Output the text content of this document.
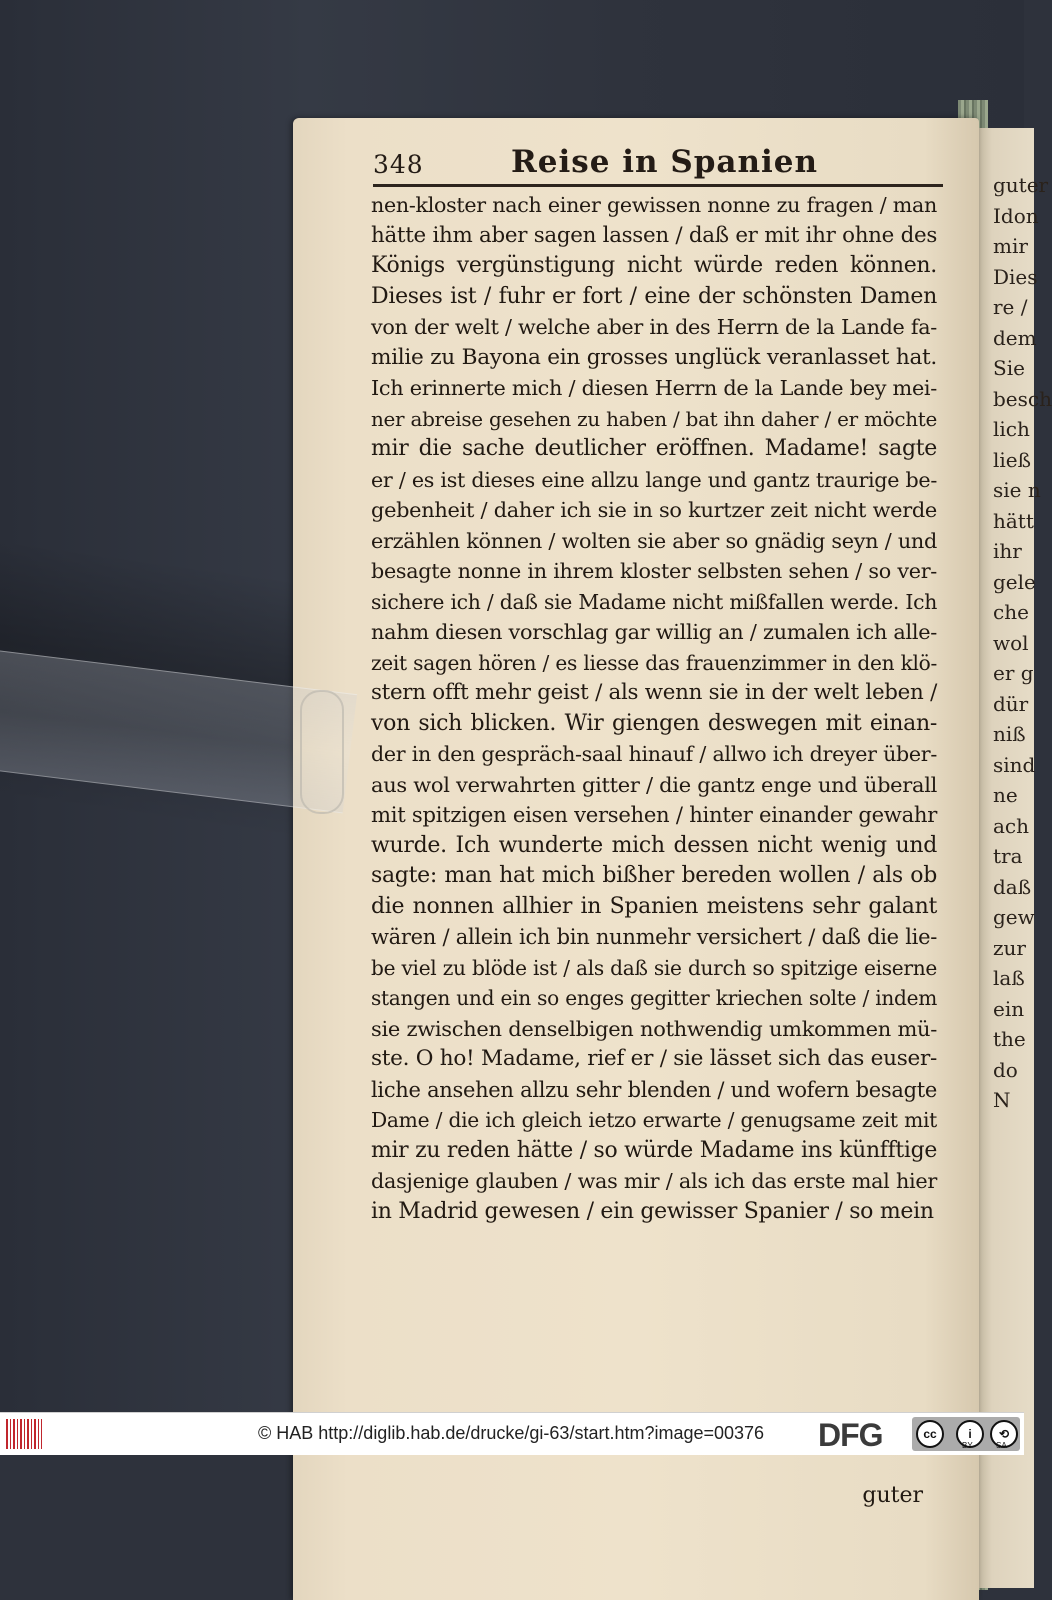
guter
Idon
mir
Dies
re /
dem
Sie
besch
lich
ließ
sie n
hätt
ihr
gele
che
wol
er g
dür
niß
sind
ne
ach
tra
daß
gew
zur
laß
ein
the
do
N
348	Reise in Spanien
nen-kloster nach einer gewissen nonne zu fragen / man
hätte ihm aber sagen lassen / daß er mit ihr ohne des
Königs vergünstigung nicht würde reden können.
Dieses ist / fuhr er fort / eine der schönsten Damen
von der welt / welche aber in des Herrn de la Lande fa-
milie zu Bayona ein grosses unglück veranlasset hat.
Ich erinnerte mich / diesen Herrn de la Lande bey mei-
ner abreise gesehen zu haben / bat ihn daher / er möchte
mir die sache deutlicher eröffnen. Madame! sagte
er / es ist dieses eine allzu lange und gantz traurige be-
gebenheit / daher ich sie in so kurtzer zeit nicht werde
erzählen können / wolten sie aber so gnädig seyn / und
besagte nonne in ihrem kloster selbsten sehen / so ver-
sichere ich / daß sie Madame nicht mißfallen werde. Ich
nahm diesen vorschlag gar willig an / zumalen ich alle-
zeit sagen hören / es liesse das frauenzimmer in den klö-
stern offt mehr geist / als wenn sie in der welt leben /
von sich blicken. Wir giengen deswegen mit einan-
der in den gespräch-saal hinauf / allwo ich dreyer über-
aus wol verwahrten gitter / die gantz enge und überall
mit spitzigen eisen versehen / hinter einander gewahr
wurde. Ich wunderte mich dessen nicht wenig und
sagte: man hat mich bißher bereden wollen / als ob
die nonnen allhier in Spanien meistens sehr galant
wären / allein ich bin nunmehr versichert / daß die lie-
be viel zu blöde ist / als daß sie durch so spitzige eiserne
stangen und ein so enges gegitter kriechen solte / indem
sie zwischen denselbigen nothwendig umkommen mü-
ste. O ho! Madame, rief er / sie lässet sich das euser-
liche ansehen allzu sehr blenden / und wofern besagte
Dame / die ich gleich ietzo erwarte / genugsame zeit mit
mir zu reden hätte / so würde Madame ins künfftige
dasjenige glauben / was mir / als ich das erste mal hier
in Madrid gewesen / ein gewisser Spanier / so mein
guter
© HAB http://diglib.hab.de/drucke/gi-63/start.htm?image=00376 DFG	cc	i	⟲
BY	SA
